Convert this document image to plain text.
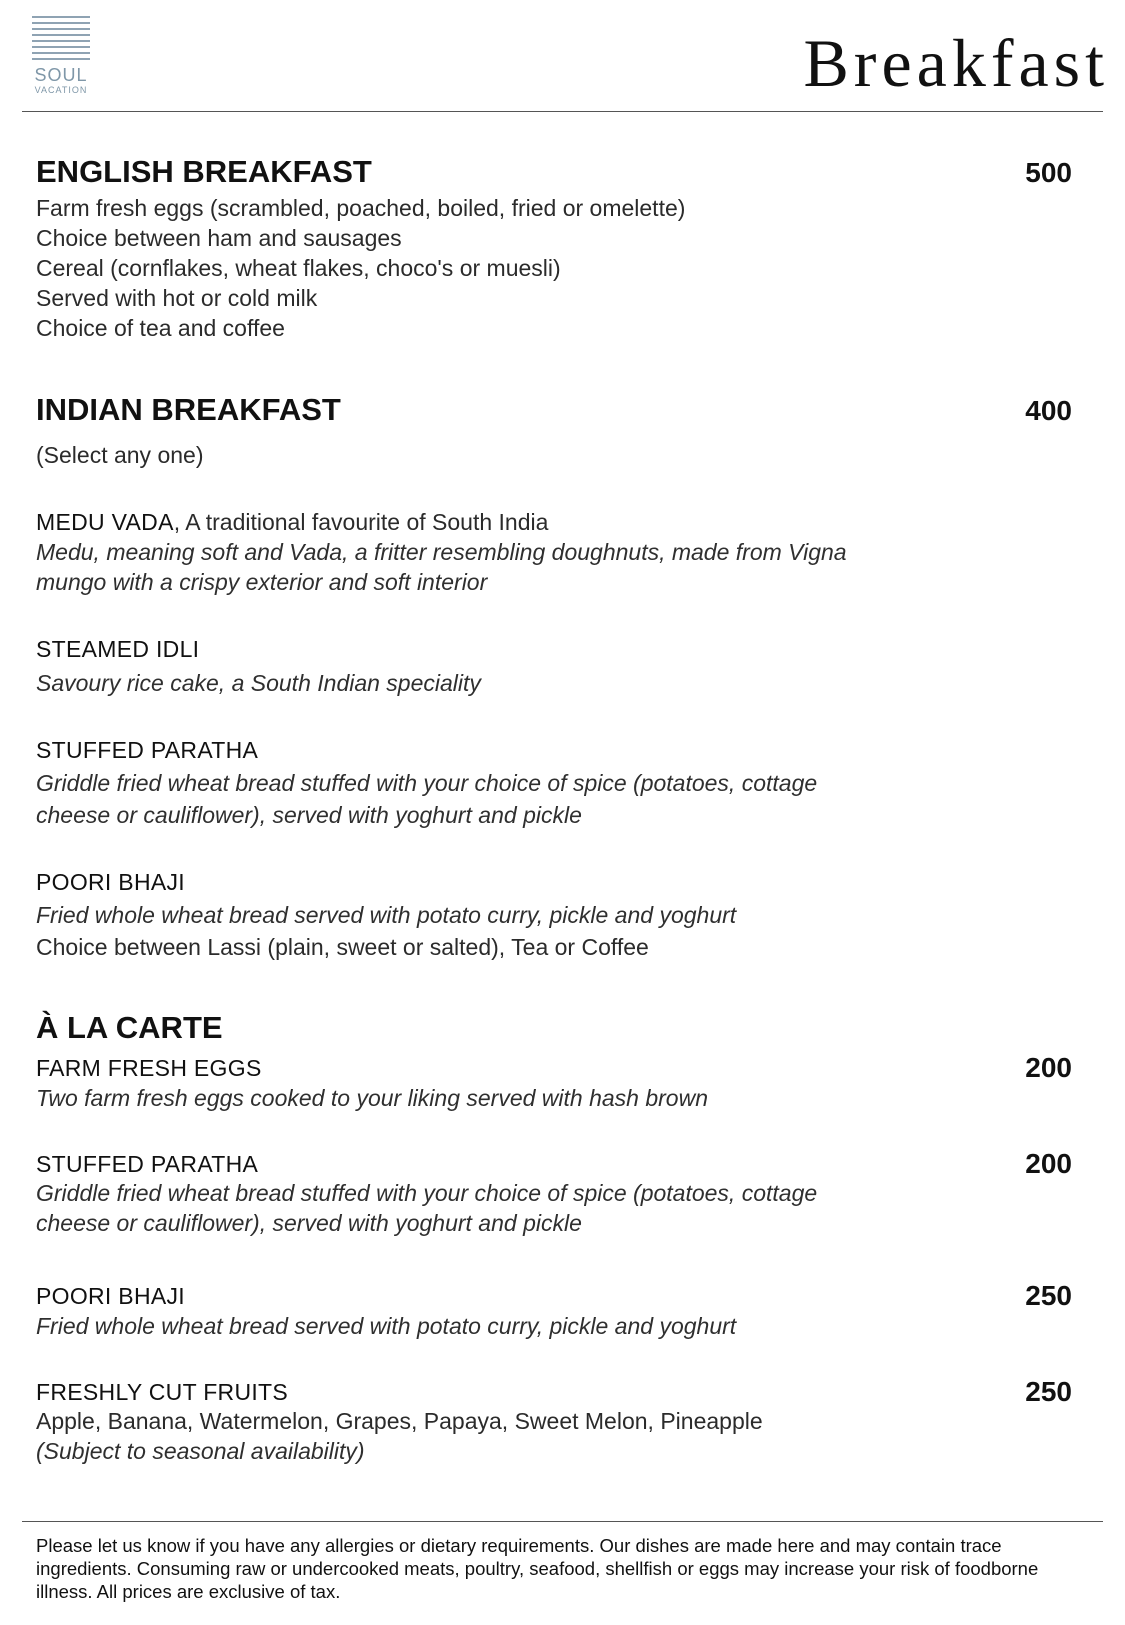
SOUL
VACATION	Breakfast
ENGLISH BREAKFAST	500
Farm fresh eggs (scrambled, poached, boiled, fried or omelette)
Choice between ham and sausages
Cereal (cornflakes, wheat flakes, choco's or muesli)
Served with hot or cold milk
Choice of tea and coffee
INDIAN BREAKFAST	400
(Select any one)
MEDU VADA, A traditional favourite of South India
Medu, meaning soft and Vada, a fritter resembling doughnuts, made from Vigna
mungo with a crispy exterior and soft interior
STEAMED IDLI
Savoury rice cake, a South Indian speciality
STUFFED PARATHA
Griddle fried wheat bread stuffed with your choice of spice (potatoes, cottage
cheese or cauliflower), served with yoghurt and pickle
POORI BHAJI
Fried whole wheat bread served with potato curry, pickle and yoghurt
Choice between Lassi (plain, sweet or salted), Tea or Coffee
À LA CARTE
FARM FRESH EGGS	200
Two farm fresh eggs cooked to your liking served with hash brown
STUFFED PARATHA	200
Griddle fried wheat bread stuffed with your choice of spice (potatoes, cottage
cheese or cauliflower), served with yoghurt and pickle
POORI BHAJI	250
Fried whole wheat bread served with potato curry, pickle and yoghurt
FRESHLY CUT FRUITS	250
Apple, Banana, Watermelon, Grapes, Papaya, Sweet Melon, Pineapple
(Subject to seasonal availability)
Please let us know if you have any allergies or dietary requirements. Our dishes are made here and may contain trace ingredients. Consuming raw or undercooked meats, poultry, seafood, shellfish or eggs may increase your risk of foodborne illness. All prices are exclusive of tax.
